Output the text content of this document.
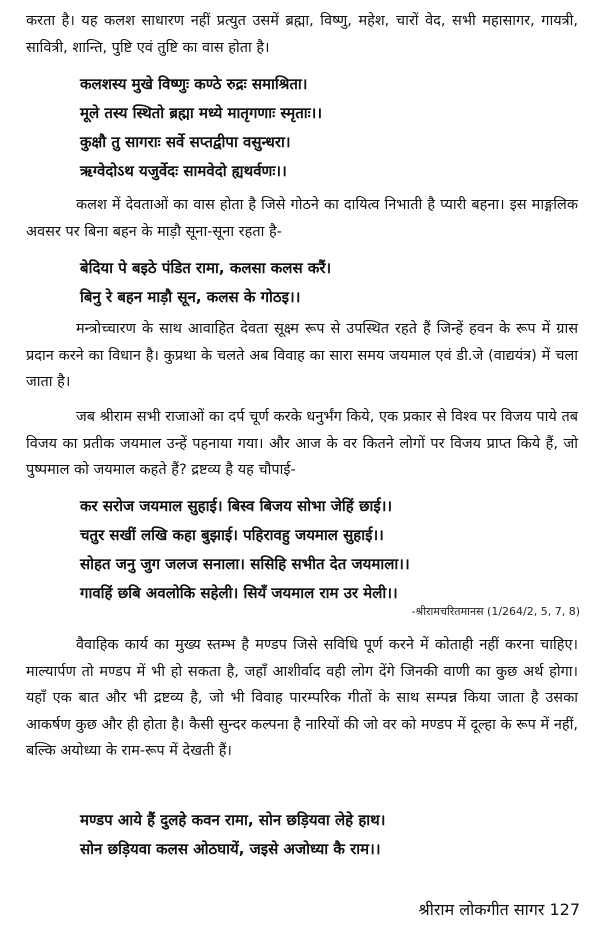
करता है। यह कलश साधारण नहीं प्रत्युत उसमें ब्रह्मा, विष्णु, महेश, चारों वेद, सभी महासागर, गायत्री, सावित्री, शान्ति, पुष्टि एवं तुष्टि का वास होता है।

कलशस्य मुखे विष्णुः कण्ठे रुद्रः समाश्रिता।
मूले तस्य स्थितो ब्रह्मा मध्ये मातृगणाः स्मृताः।।
कुक्षौ तु सागराः सर्वे सप्तद्वीपा वसुन्धरा।
ऋग्वेदोऽथ यजुर्वेदः सामवेदो ह्यथर्वणः।।

कलश में देवताओं का वास होता है जिसे गोठने का दायित्व निभाती है प्यारी बहना। इस माङ्गलिक अवसर पर बिना बहन के माड़ौ सूना-सूना रहता है-

बेदिया पे बइठे पंडित रामा, कलसा कलस करैं।
बिनु रे बहन माड़ौ सून, कलस के गोठइ।।

मन्त्रोच्चारण के साथ आवाहित देवता सूक्ष्म रूप से उपस्थित रहते हैं जिन्हें हवन के रूप में ग्रास प्रदान करने का विधान है। कुप्रथा के चलते अब विवाह का सारा समय जयमाल एवं डी.जे (वाद्ययंत्र) में चला जाता है।

जब श्रीराम सभी राजाओं का दर्प चूर्ण करके धनुर्भंग किये, एक प्रकार से विश्व पर विजय पाये तब विजय का प्रतीक जयमाल उन्हें पहनाया गया। और आज के वर कितने लोगों पर विजय प्राप्त किये हैं, जो पुष्पमाल को जयमाल कहते हैं? द्रष्टव्य है यह चौपाई-

कर सरोज जयमाल सुहाई। बिस्व बिजय सोभा जेहिं छाई।।
चतुर सखीं लखि कहा बुझाई। पहिरावहु जयमाल सुहाई।।
सोहत जनु जुग जलज सनाला। ससिहि सभीत देत जयमाला।।
गावहिं छबि अवलोकि सहेली। सियँ जयमाल राम उर मेली।।
-श्रीरामचरितमानस (1/264/2, 5, 7, 8)

वैवाहिक कार्य का मुख्य स्तम्भ है मण्डप जिसे सविधि पूर्ण करने में कोताही नहीं करना चाहिए। माल्यार्पण तो मण्डप में भी हो सकता है, जहाँ आशीर्वाद वही लोग देंगे जिनकी वाणी का कुछ अर्थ होगा। यहाँ एक बात और भी द्रष्टव्य है, जो भी विवाह पारम्परिक गीतों के साथ सम्पन्न किया जाता है उसका आकर्षण कुछ और ही होता है। कैसी सुन्दर कल्पना है नारियों की जो वर को मण्डप में दूल्हा के रूप में नहीं, बल्कि अयोध्या के राम-रूप में देखती हैं।

मण्डप आये हैं दुलहे कवन रामा, सोन छड़ियवा लेहे हाथ।
सोन छड़ियवा कलस ओठघायें, जइसे अजोध्या कै राम।।
श्रीराम लोकगीत सागर 127
